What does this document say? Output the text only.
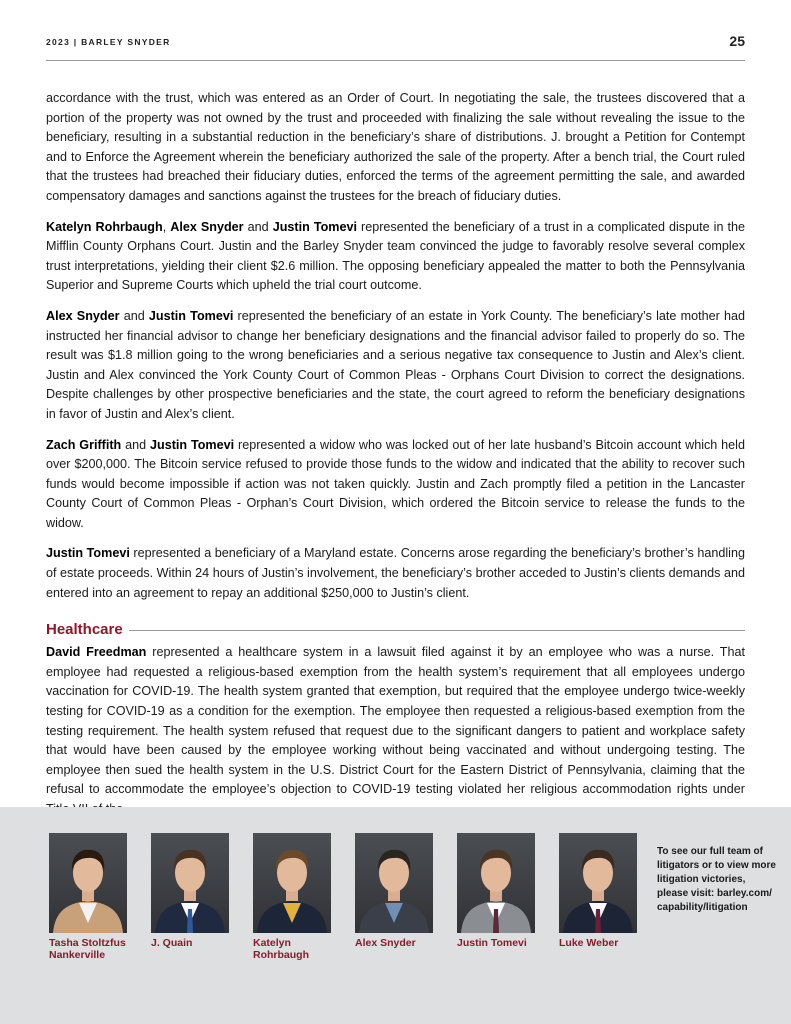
2023 | BARLEY SNYDER	25

accordance with the trust, which was entered as an Order of Court. In negotiating the sale, the trustees discovered that a portion of the property was not owned by the trust and proceeded with finalizing the sale without revealing the issue to the beneficiary, resulting in a substantial reduction in the beneficiary’s share of distributions. J. brought a Petition for Contempt and to Enforce the Agreement wherein the beneficiary authorized the sale of the property. After a bench trial, the Court ruled that the trustees had breached their fiduciary duties, enforced the terms of the agreement permitting the sale, and awarded compensatory damages and sanctions against the trustees for the breach of fiduciary duties.

Katelyn Rohrbaugh, Alex Snyder and Justin Tomevi represented the beneficiary of a trust in a complicated dispute in the Mifflin County Orphans Court. Justin and the Barley Snyder team convinced the judge to favorably resolve several complex trust interpretations, yielding their client $2.6 million. The opposing beneficiary appealed the matter to both the Pennsylvania Superior and Supreme Courts which upheld the trial court outcome.

Alex Snyder and Justin Tomevi represented the beneficiary of an estate in York County. The beneficiary’s late mother had instructed her financial advisor to change her beneficiary designations and the financial advisor failed to properly do so. The result was $1.8 million going to the wrong beneficiaries and a serious negative tax consequence to Justin and Alex’s client. Justin and Alex convinced the York County Court of Common Pleas - Orphans Court Division to correct the designations. Despite challenges by other prospective beneficiaries and the state, the court agreed to reform the beneficiary designations in favor of Justin and Alex’s client.

Zach Griffith and Justin Tomevi represented a widow who was locked out of her late husband’s Bitcoin account which held over $200,000. The Bitcoin service refused to provide those funds to the widow and indicated that the ability to recover such funds would become impossible if action was not taken quickly. Justin and Zach promptly filed a petition in the Lancaster County Court of Common Pleas - Orphan’s Court Division, which ordered the Bitcoin service to release the funds to the widow.

Justin Tomevi represented a beneficiary of a Maryland estate. Concerns arose regarding the beneficiary’s brother’s handling of estate proceeds. Within 24 hours of Justin’s involvement, the beneficiary’s brother acceded to Justin’s clients demands and entered into an agreement to repay an additional $250,000 to Justin’s client.

Healthcare

David Freedman represented a healthcare system in a lawsuit filed against it by an employee who was a nurse. That employee had requested a religious-based exemption from the health system’s requirement that all employees undergo vaccination for COVID-19. The health system granted that exemption, but required that the employee undergo twice-weekly testing for COVID-19 as a condition for the exemption. The employee then requested a religious-based exemption from the testing requirement. The health system refused that request due to the significant dangers to patient and workplace safety that would have been caused by the employee working without being vaccinated and without undergoing testing. The employee then sued the health system in the U.S. District Court for the Eastern District of Pennsylvania, claiming that the refusal to accommodate the employee’s objection to COVID-19 testing violated her religious accommodation rights under

Tasha Stoltzfus Nankerville
J. Quain	Katelyn Rohrbaugh
Alex Snyder	Justin Tomevi	Luke Weber
To see our full team of litigators or to view more litigation victories, please visit: barley.com/ capability/litigation
